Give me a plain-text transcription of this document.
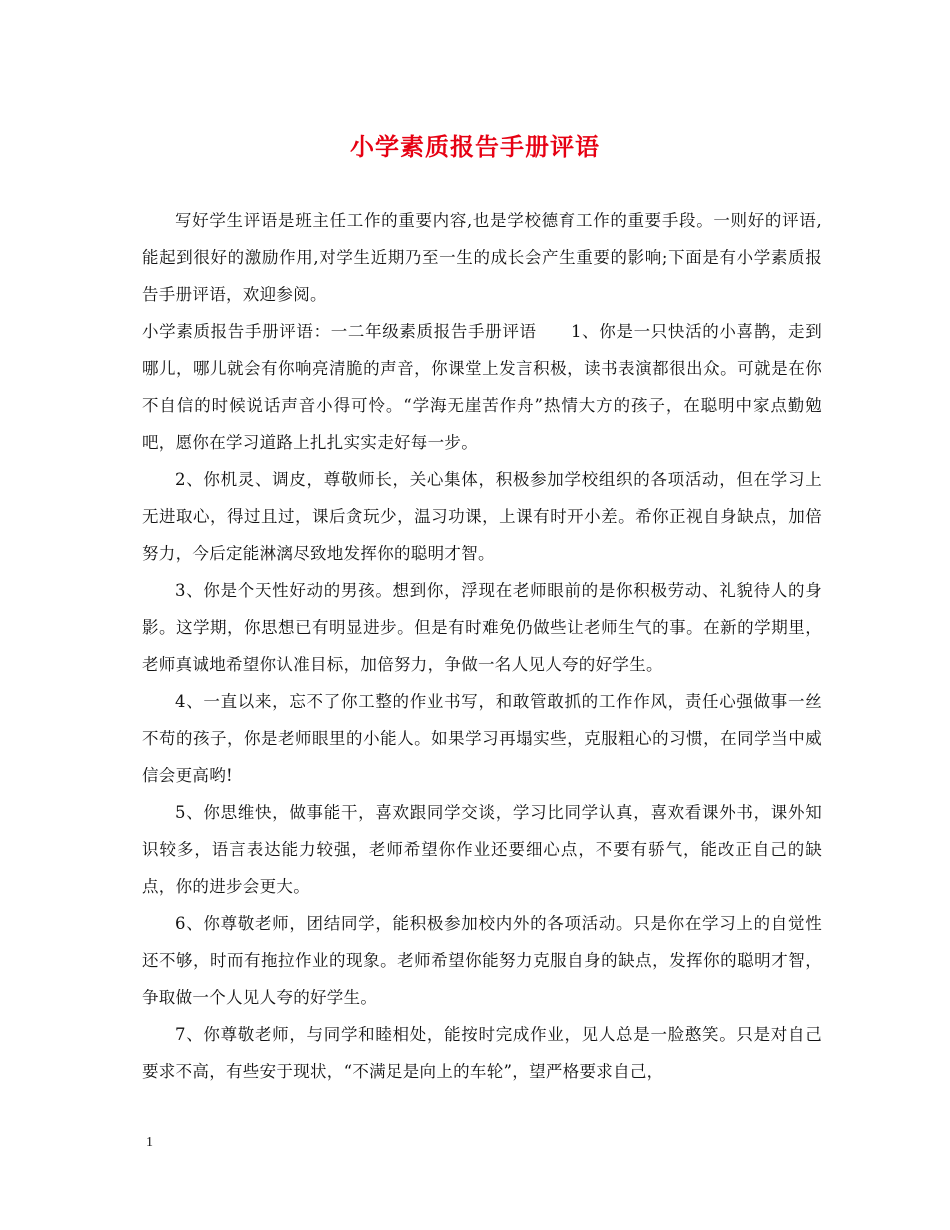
小学素质报告手册评语

写好学生评语是班主任工作的重要内容,也是学校德育工作的重要手段。一则好的评语,能起到很好的激励作用,对学生近期乃至一生的成长会产生重要的影响;下面是有小学素质报告手册评语，欢迎参阅。

小学素质报告手册评语：一二年级素质报告手册评语　　1、你是一只快活的小喜鹊，走到哪儿，哪儿就会有你响亮清脆的声音，你课堂上发言积极，读书表演都很出众。可就是在你不自信的时候说话声音小得可怜。“学海无崖苦作舟”热情大方的孩子，在聪明中家点勤勉吧，愿你在学习道路上扎扎实实走好每一步。

2、你机灵、调皮，尊敬师长，关心集体，积极参加学校组织的各项活动，但在学习上无进取心，得过且过，课后贪玩少，温习功课，上课有时开小差。希你正视自身缺点，加倍努力，今后定能淋漓尽致地发挥你的聪明才智。

3、你是个天性好动的男孩。想到你，浮现在老师眼前的是你积极劳动、礼貌待人的身影。这学期，你思想已有明显进步。但是有时难免仍做些让老师生气的事。在新的学期里，老师真诚地希望你认准目标，加倍努力，争做一名人见人夸的好学生。

4、一直以来，忘不了你工整的作业书写，和敢管敢抓的工作作风，责任心强做事一丝不苟的孩子，你是老师眼里的小能人。如果学习再塌实些，克服粗心的习惯，在同学当中威信会更高哟!

5、你思维快，做事能干，喜欢跟同学交谈，学习比同学认真，喜欢看课外书，课外知识较多，语言表达能力较强，老师希望你作业还要细心点，不要有骄气，能改正自己的缺点，你的进步会更大。

6、你尊敬老师，团结同学，能积极参加校内外的各项活动。只是你在学习上的自觉性还不够，时而有拖拉作业的现象。老师希望你能努力克服自身的缺点，发挥你的聪明才智，争取做一个人见人夸的好学生。

7、你尊敬老师，与同学和睦相处，能按时完成作业，见人总是一脸憨笑。只是对自己要求不高，有些安于现状，“不满足是向上的车轮”，望严格要求自己，

1
